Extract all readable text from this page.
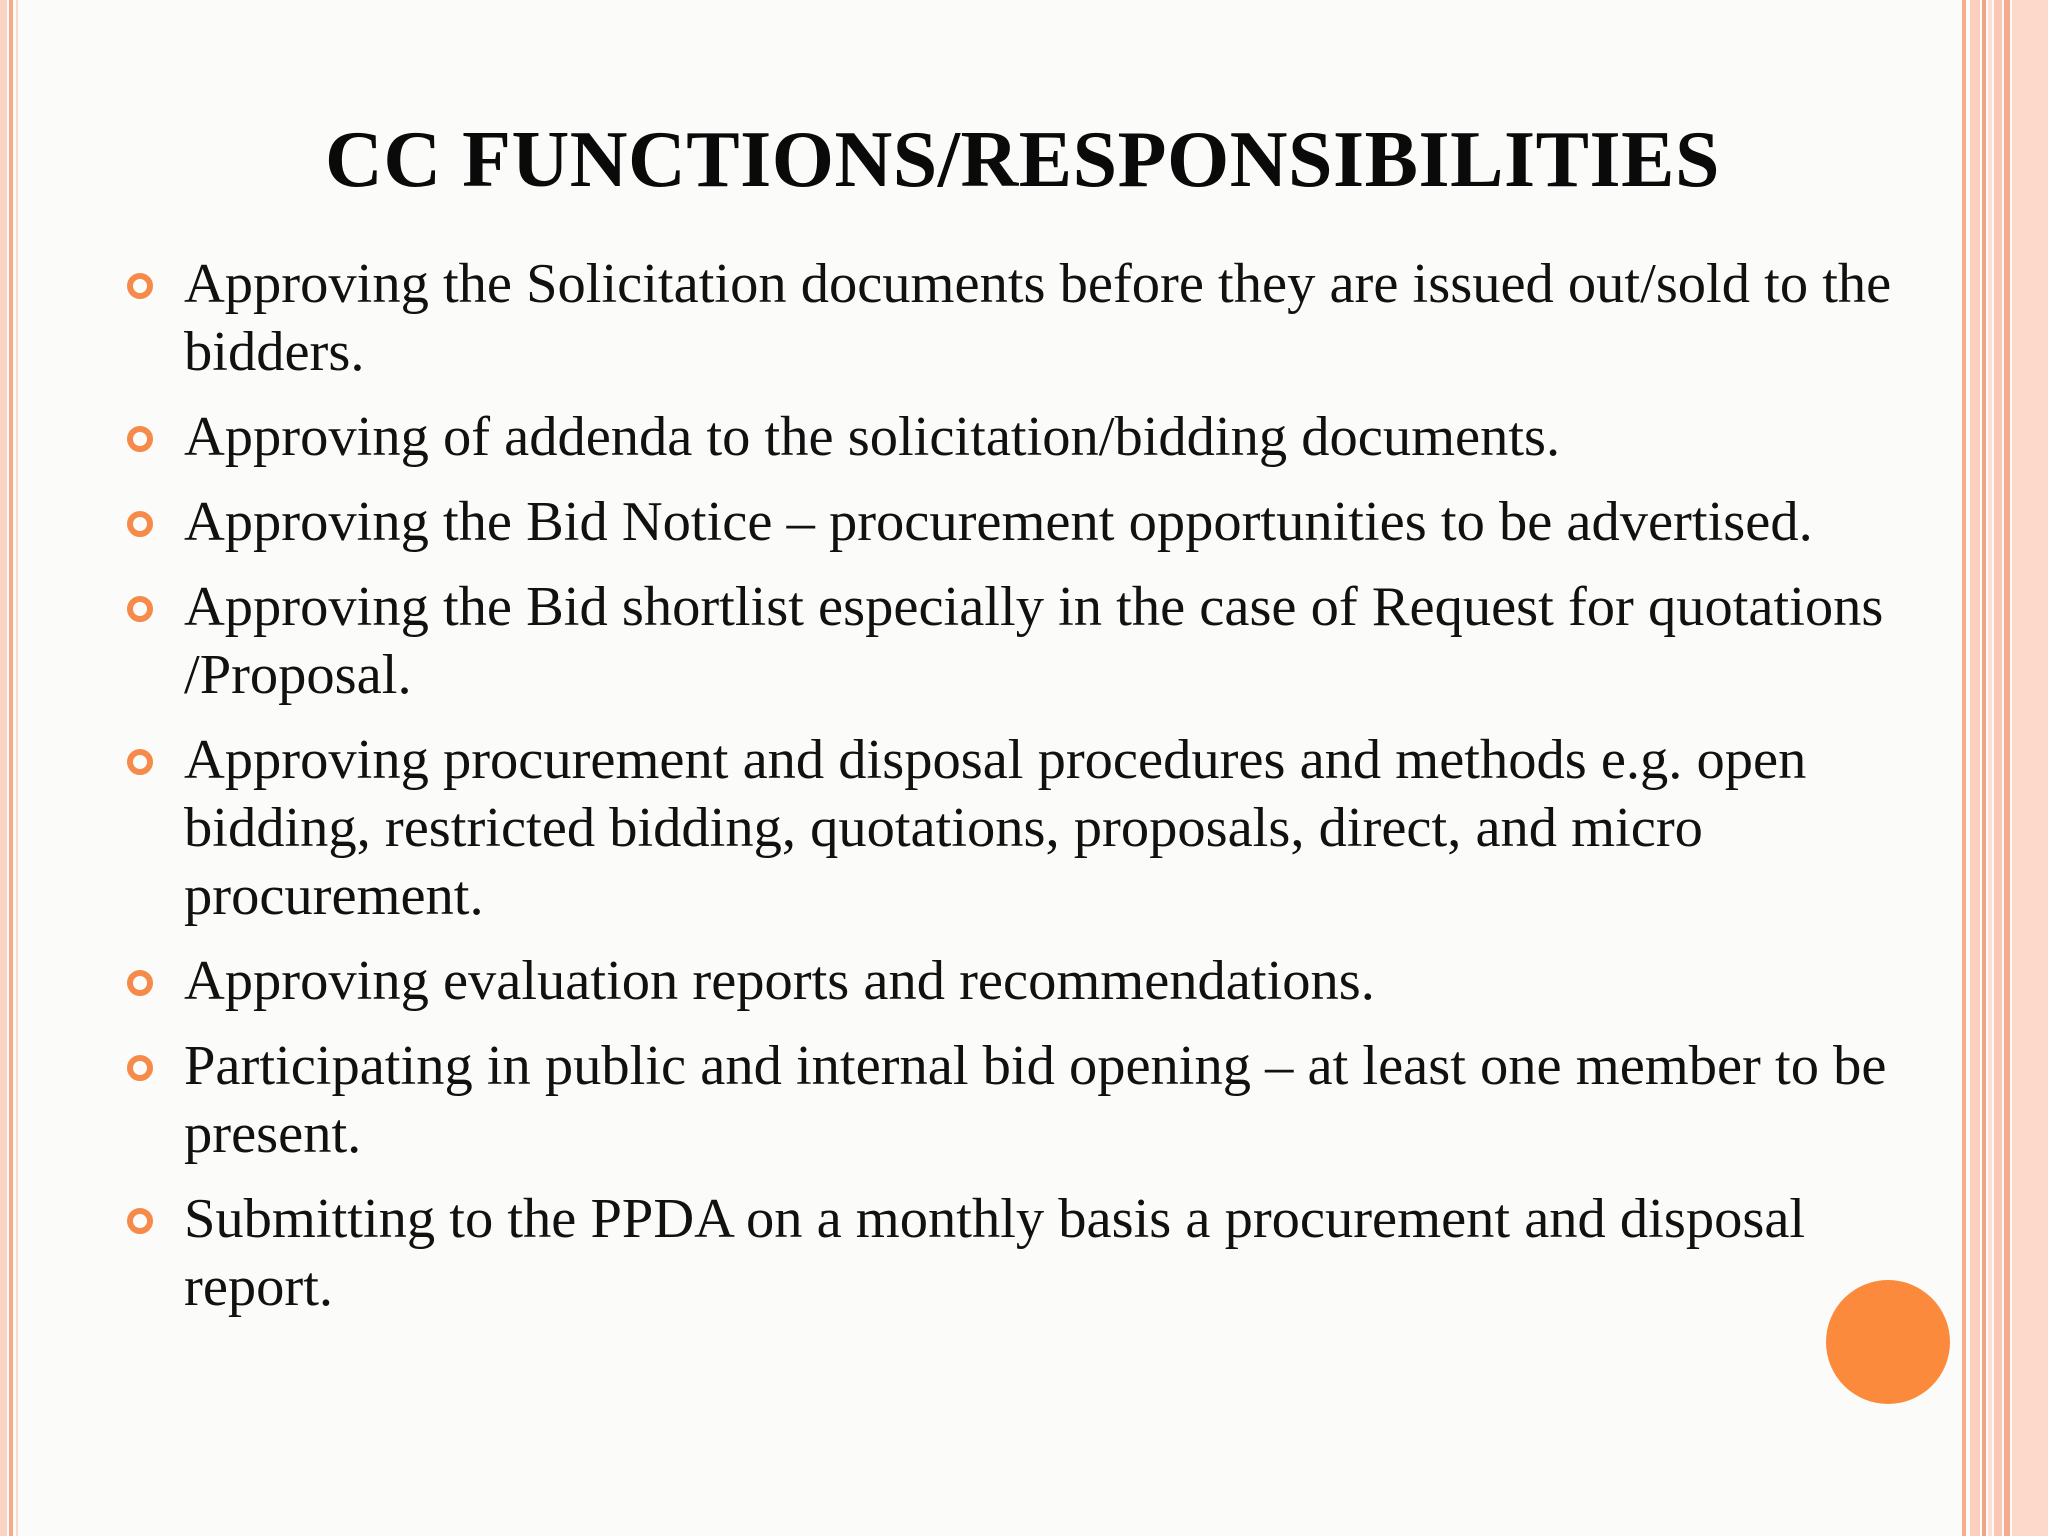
CC FUNCTIONS/RESPONSIBILITIES
Approving the Solicitation documents before they are issued out/sold to the bidders.
Approving of addenda to the solicitation/bidding documents.
Approving the Bid Notice – procurement opportunities to be advertised.
Approving the Bid shortlist especially in the case of Request for quotations /Proposal.
Approving procurement and disposal procedures and methods e.g. open bidding, restricted bidding, quotations, proposals, direct, and micro procurement.
Approving evaluation reports and recommendations.
Participating in public and internal bid opening – at least one member to be present.
Submitting to the PPDA on a monthly basis a procurement and disposal report.
